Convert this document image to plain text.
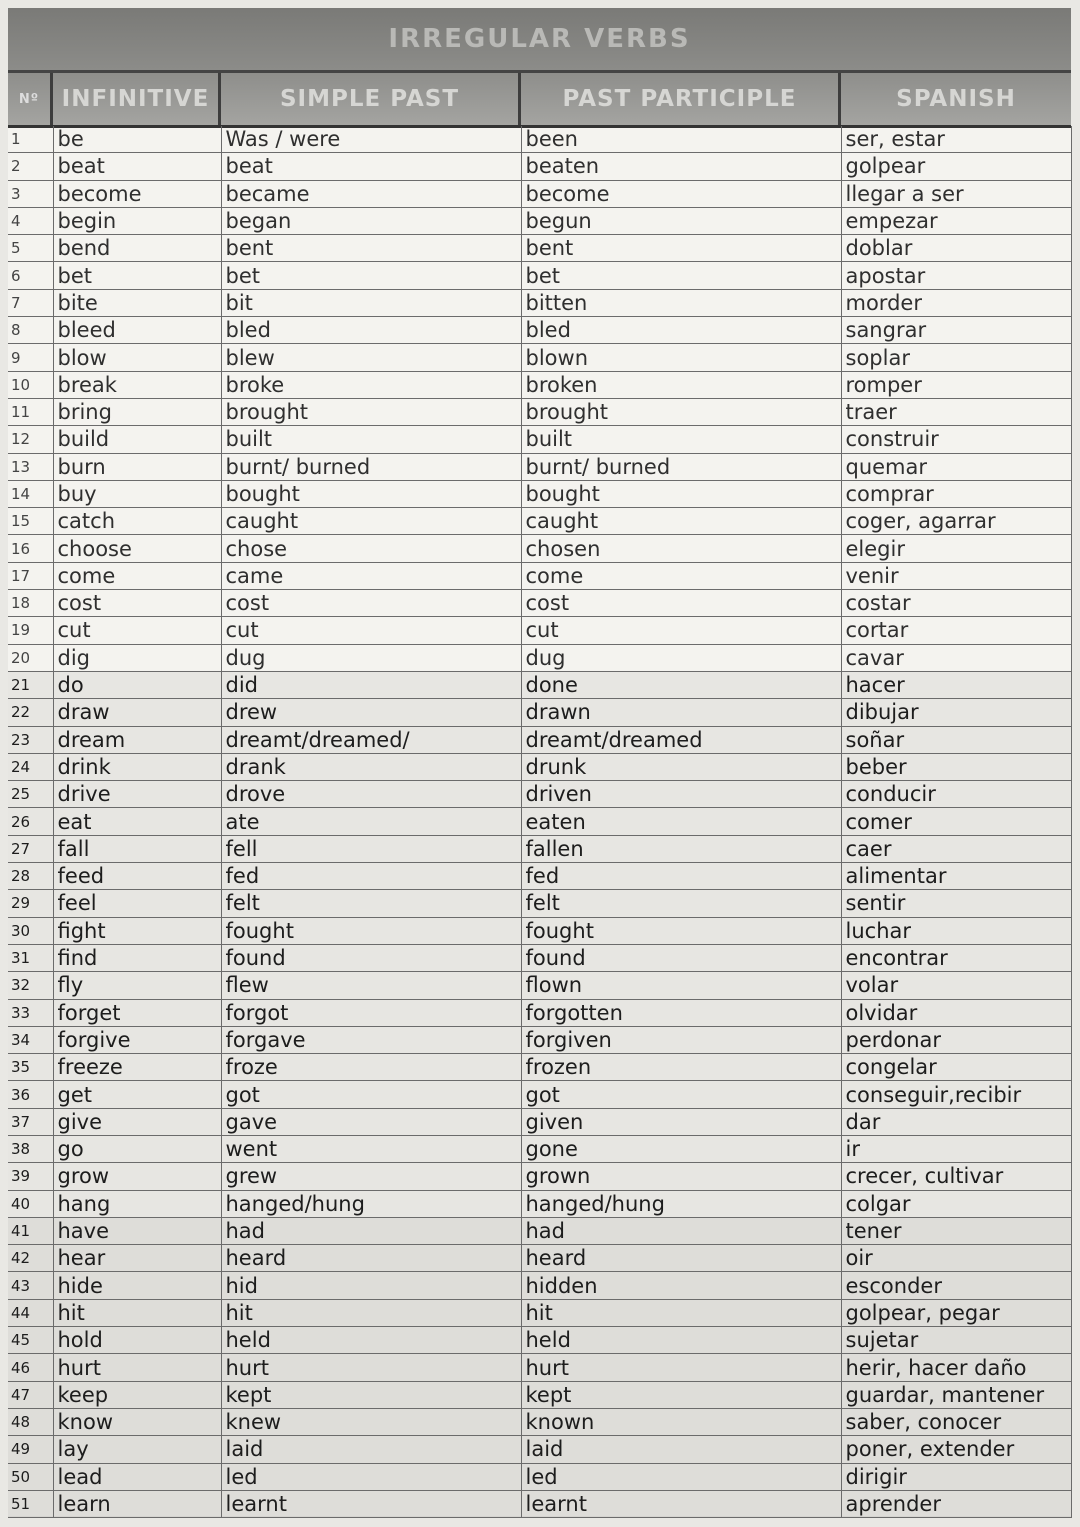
IRREGULAR VERBS
Nº INFINITIVE	SIMPLE PAST	PAST PARTICIPLE	SPANISH
1	be	Was / were	been	ser, estar
2	beat	beat	beaten	golpear
3	become	became	become	llegar a ser
4	begin	began	begun	empezar
5	bend	bent	bent	doblar
6	bet	bet	bet	apostar
7	bite	bit	bitten	morder
8	bleed	bled	bled	sangrar
9	blow	blew	blown	soplar
10	break	broke	broken	romper
11	bring	brought	brought	traer
12	build	built	built	construir
13	burn	burnt/ burned	burnt/ burned	quemar
14	buy	bought	bought	comprar
15	catch	caught	caught	coger, agarrar
16	choose	chose	chosen	elegir
17	come	came	come	venir
18	cost	cost	cost	costar
19	cut	cut	cut	cortar
20	dig	dug	dug	cavar
21	do	did	done	hacer
22	draw	drew	drawn	dibujar
23	dream	dreamt/dreamed/	dreamt/dreamed	soñar
24	drink	drank	drunk	beber
25	drive	drove	driven	conducir
26	eat	ate	eaten	comer
27	fall	fell	fallen	caer
28	feed	fed	fed	alimentar
29	feel	felt	felt	sentir
30	fight	fought	fought	luchar
31	find	found	found	encontrar
32	fly	flew	flown	volar
33	forget	forgot	forgotten	olvidar
34	forgive	forgave	forgiven	perdonar
35	freeze	froze	frozen	congelar
36	get	got	got	conseguir,recibir
37	give	gave	given	dar
38	go	went	gone	ir
39	grow	grew	grown	crecer, cultivar
40	hang	hanged/hung	hanged/hung	colgar
41	have	had	had	tener
42	hear	heard	heard	oir
43	hide	hid	hidden	esconder
44	hit	hit	hit	golpear, pegar
45	hold	held	held	sujetar
46	hurt	hurt	hurt	herir, hacer daño
47	keep	kept	kept	guardar, mantener
48	know	knew	known	saber, conocer
49	lay	laid	laid	poner, extender
50	lead	led	led	dirigir
51	learn	learnt	learnt	aprender
